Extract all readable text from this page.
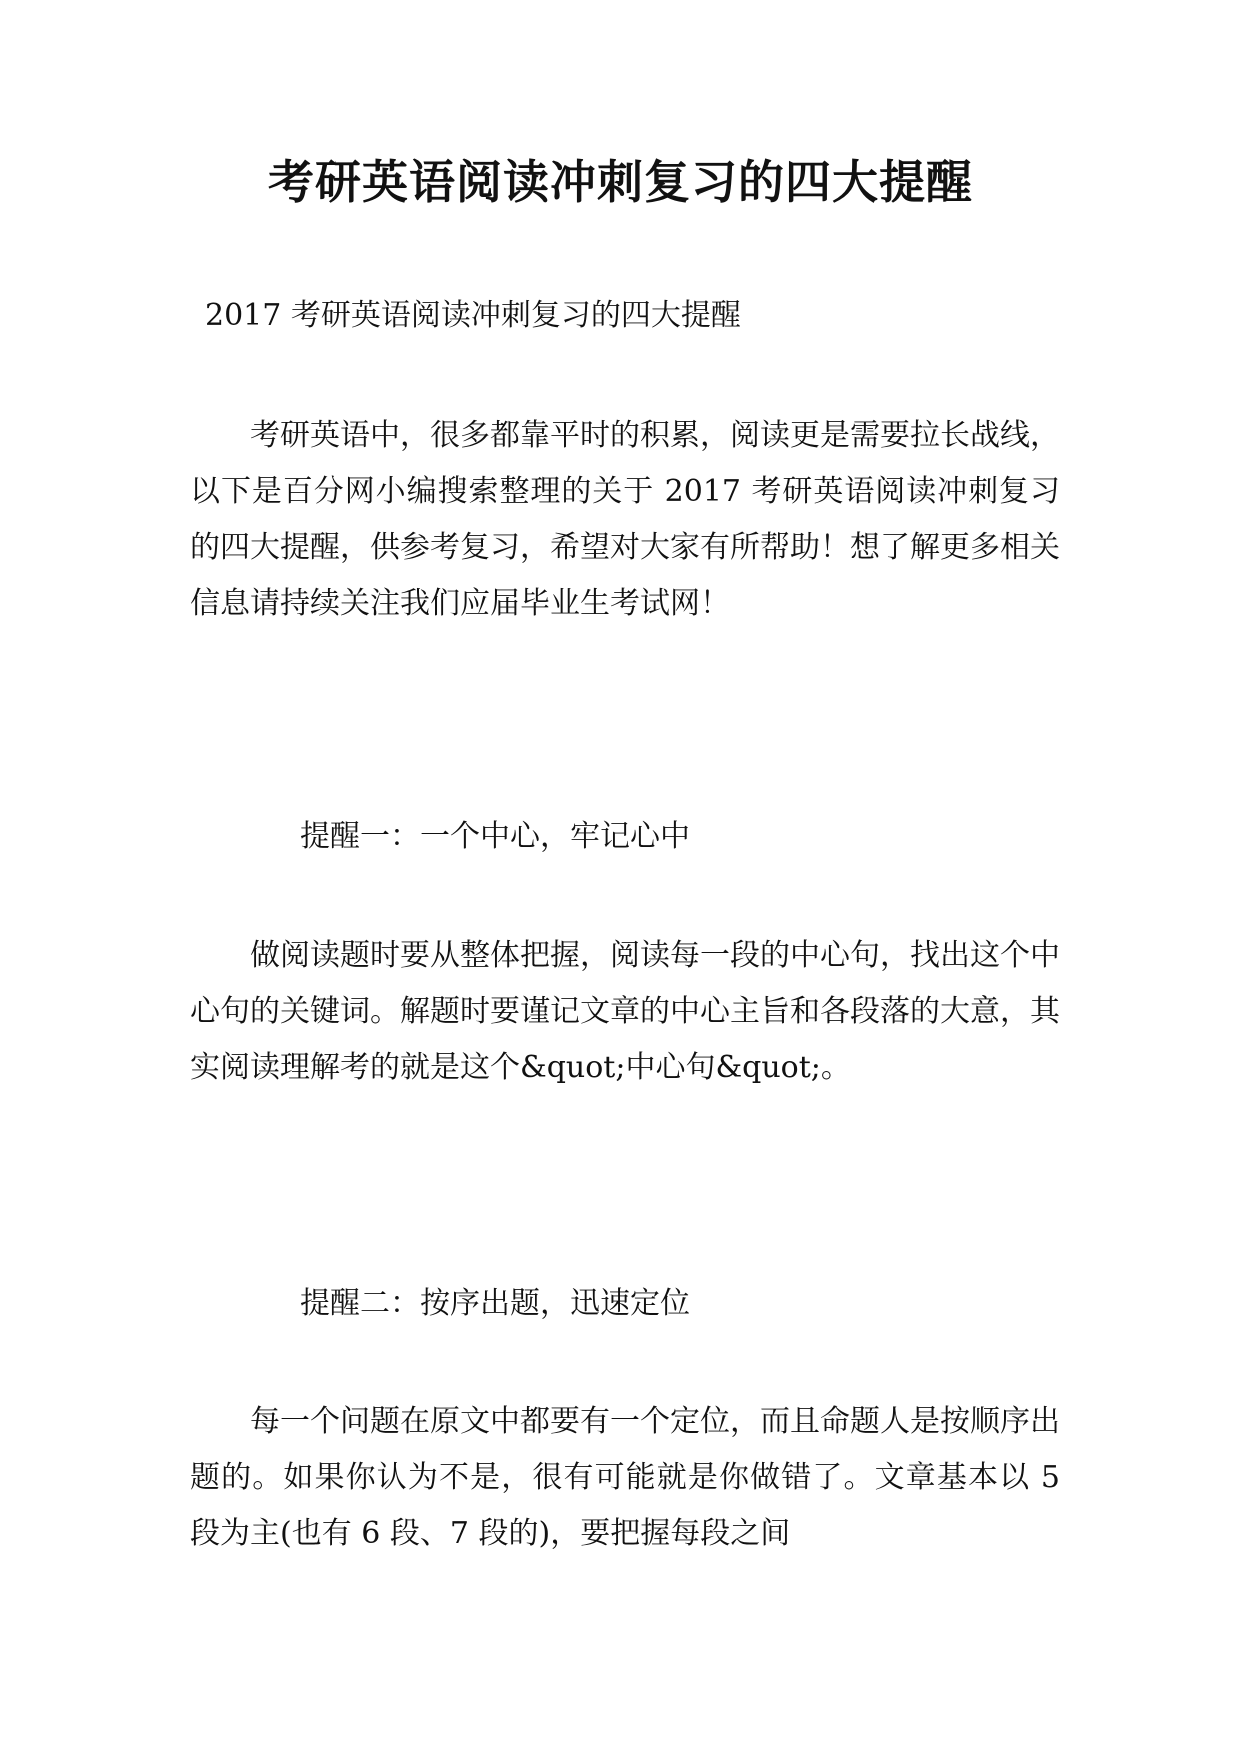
考研英语阅读冲刺复习的四大提醒
2017 考研英语阅读冲刺复习的四大提醒
考研英语中，很多都靠平时的积累，阅读更是需要拉长战线，以下是百分网小编搜索整理的关于 2017 考研英语阅读冲刺复习的四大提醒，供参考复习，希望对大家有所帮助！想了解更多相关信息请持续关注我们应届毕业生考试网！
提醒一：一个中心，牢记心中
做阅读题时要从整体把握，阅读每一段的中心句，找出这个中心句的关键词。解题时要谨记文章的中心主旨和各段落的大意，其实阅读理解考的就是这个&quot;中心句&quot;。
提醒二：按序出题，迅速定位
每一个问题在原文中都要有一个定位，而且命题人是按顺序出题的。如果你认为不是，很有可能就是你做错了。文章基本以 5 段为主(也有 6 段、7 段的)，要把握每段之间
